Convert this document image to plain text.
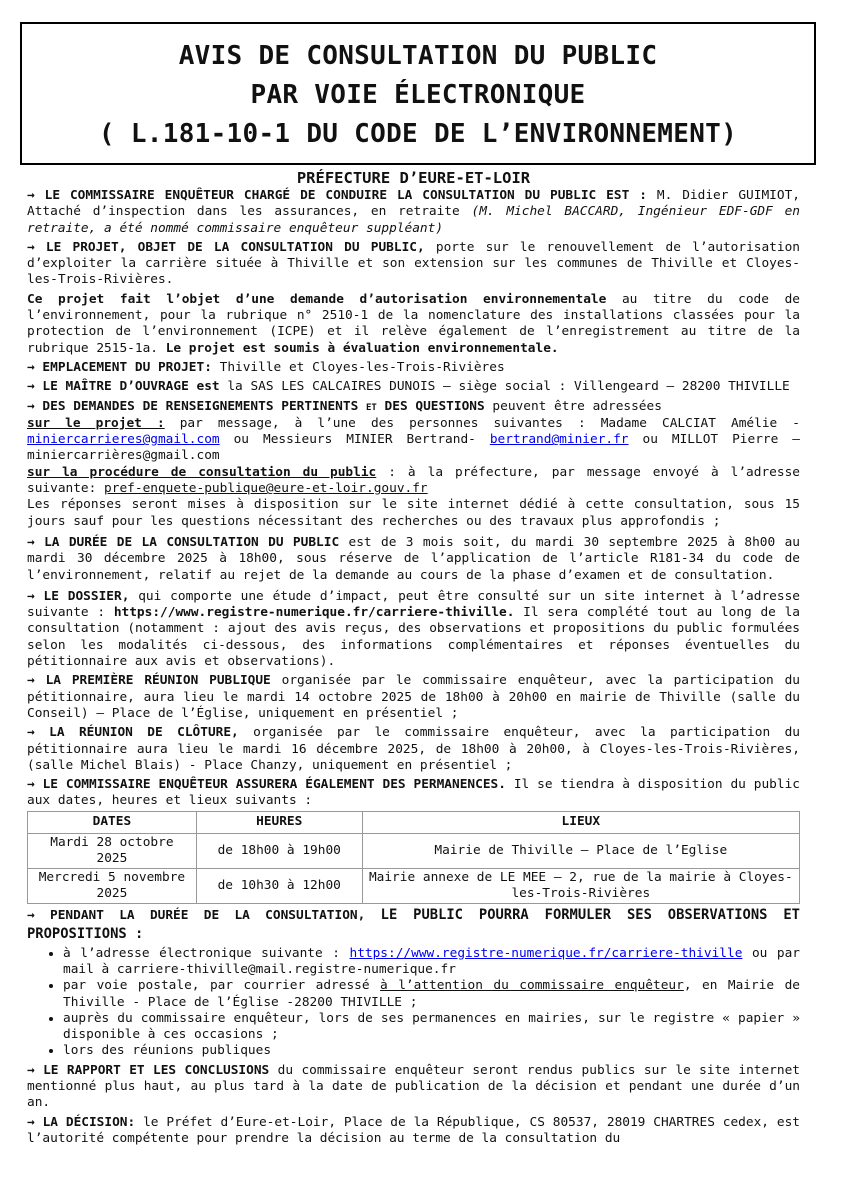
AVIS DE CONSULTATION DU PUBLIC
PAR VOIE ÉLECTRONIQUE
( L.181-10-1 DU CODE DE L’ENVIRONNEMENT)
PRÉFECTURE D’EURE-ET-LOIR

→ LE COMMISSAIRE ENQUÊTEUR CHARGÉ DE CONDUIRE LA CONSULTATION DU PUBLIC EST : M. Didier GUIMIOT, Attaché d’inspection dans les assurances, en retraite (M. Michel BACCARD, Ingénieur EDF-GDF en retraite, a été nommé commissaire enquêteur suppléant)

→ LE PROJET, OBJET DE LA CONSULTATION DU PUBLIC, porte sur le renouvellement de l’autorisation d’exploiter la carrière située à Thiville et son extension sur les communes de Thiville et Cloyes-les-Trois-Rivières.

Ce projet fait l’objet d’une demande d’autorisation environnementale au titre du code de l’environnement, pour la rubrique n° 2510-1 de la nomenclature des installations classées pour la protection de l’environnement (ICPE) et il relève également de l’enregistrement au titre de la rubrique 2515-1a. Le projet est soumis à évaluation environnementale.

→ EMPLACEMENT DU PROJET: Thiville et Cloyes-les-Trois-Rivières

→ LE MAÎTRE D’OUVRAGE est la SAS LES CALCAIRES DUNOIS – siège social : Villengeard – 28200 THIVILLE

→ DES DEMANDES DE RENSEIGNEMENTS PERTINENTS ET DES QUESTIONS peuvent être adressées

sur le projet : par message, à l’une des personnes suivantes : Madame CALCIAT Amélie - miniercarrieres@gmail.com ou Messieurs MINIER Bertrand- bertrand@minier.fr ou MILLOT Pierre – miniercarrières@gmail.com

sur la procédure de consultation du public : à la préfecture, par message envoyé à l’adresse suivante: pref-enquete-publique@eure-et-loir.gouv.fr

Les réponses seront mises à disposition sur le site internet dédié à cette consultation, sous 15 jours sauf pour les questions nécessitant des recherches ou des travaux plus approfondis ;

→ LA DURÉE DE LA CONSULTATION DU PUBLIC est de 3 mois soit, du mardi 30 septembre 2025 à 8h00 au mardi 30 décembre 2025 à 18h00, sous réserve de l’application de l’article R181-34 du code de l’environnement, relatif au rejet de la demande au cours de la phase d’examen et de consultation.

→ LE DOSSIER, qui comporte une étude d’impact, peut être consulté sur un site internet à l’adresse suivante : https://www.registre-numerique.fr/carriere-thiville. Il sera complété tout au long de la consultation (notamment : ajout des avis reçus, des observations et propositions du public formulées selon les modalités ci-dessous, des informations complémentaires et réponses éventuelles du pétitionnaire aux avis et observations).

→ LA PREMIÈRE RÉUNION PUBLIQUE organisée par le commissaire enquêteur, avec la participation du pétitionnaire, aura lieu le mardi 14 octobre 2025 de 18h00 à 20h00 en mairie de Thiville (salle du Conseil) – Place de l’Église, uniquement en présentiel ;

→ LA RÉUNION DE CLÔTURE, organisée par le commissaire enquêteur, avec la participation du pétitionnaire aura lieu le mardi 16 décembre 2025, de 18h00 à 20h00, à Cloyes-les-Trois-Rivières, (salle Michel Blais) - Place Chanzy, uniquement en présentiel ;

→ LE COMMISSAIRE ENQUÊTEUR ASSURERA ÉGALEMENT DES PERMANENCES. Il se tiendra à disposition du public aux dates, heures et lieux suivants :

DATES	HEURES	LIEUX
Mardi 28 octobre 2025	de 18h00 à 19h00	Mairie de Thiville – Place de l’Eglise
Mercredi 5 novembre 2025	de 10h30 à 12h00	Mairie annexe de LE MEE – 2, rue de la mairie à Cloyes-les-Trois-Rivières

→ PENDANT LA DURÉE DE LA CONSULTATION, LE PUBLIC POURRA FORMULER SES OBSERVATIONS ET PROPOSITIONS :

• à l’adresse électronique suivante : https://www.registre-numerique.fr/carriere-thiville ou par mail à carriere-thiville@mail.registre-numerique.fr
• par voie postale, par courrier adressé à l’attention du commissaire enquêteur, en Mairie de Thiville - Place de l’Église -28200 THIVILLE ;
• auprès du commissaire enquêteur, lors de ses permanences en mairies, sur le registre « papier » disponible à ces occasions ;
• lors des réunions publiques

→ LE RAPPORT ET LES CONCLUSIONS du commissaire enquêteur seront rendus publics sur le site internet mentionné plus haut, au plus tard à la date de publication de la décision et pendant une durée d’un an.

→ LA DÉCISION: le Préfet d’Eure-et-Loir, Place de la République, CS 80537, 28019 CHARTRES cedex, est l’autorité compétente pour prendre la décision au terme de la consultation du
